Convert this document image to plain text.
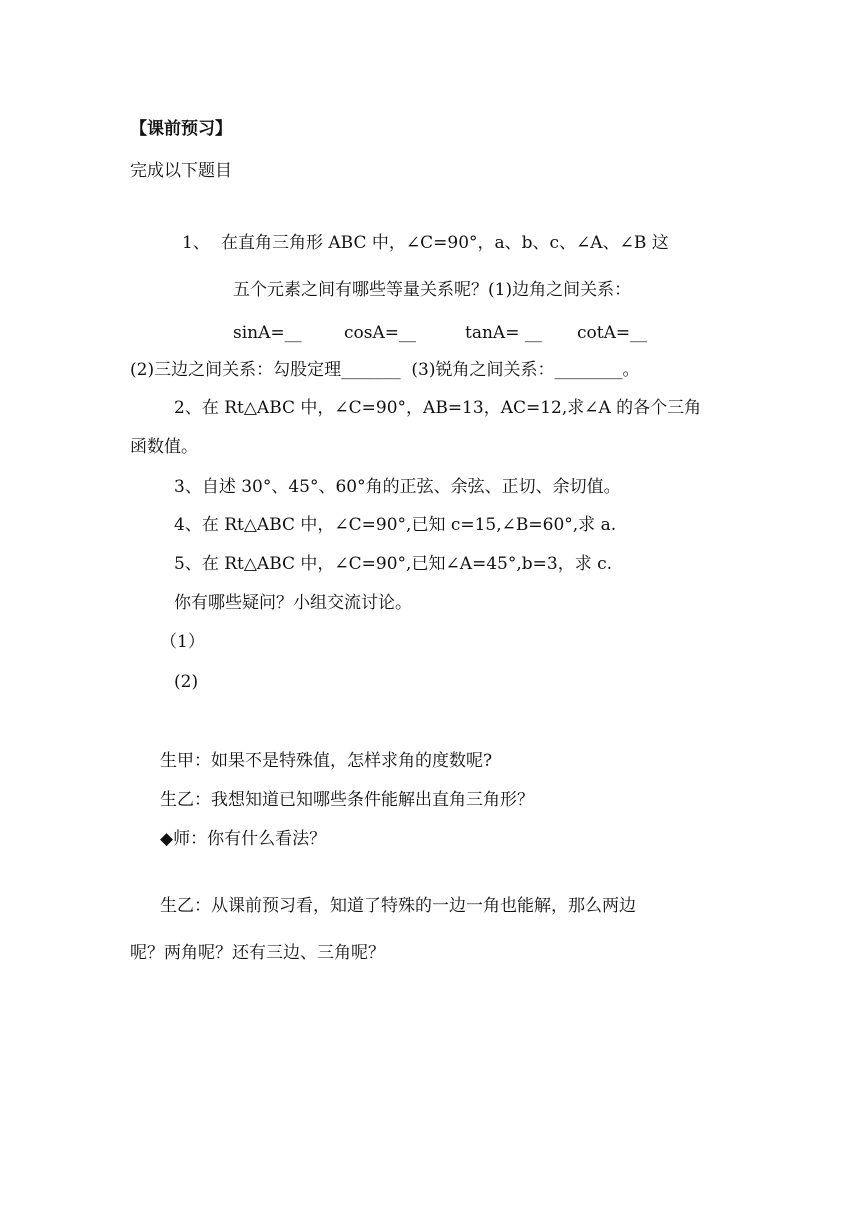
【课前预习】
完成以下题目
1、 在直角三角形 ABC 中，∠C=90°，a、b、c、∠A、∠B 这
五个元素之间有哪些等量关系呢？(1)边角之间关系：
sinA=__ cosA=__	tanA= __ cotA=__
(2)三边之间关系：勾股定理_______  (3)锐角之间关系：________。
2、在 Rt△ABC 中，∠C=90°，AB=13，AC=12,求∠A 的各个三角
函数值。
3、自述 30°、45°、60°角的正弦、余弦、正切、余切值。
4、在 Rt△ABC 中，∠C=90°,已知 c=15,∠B=60°,求 a.
5、在 Rt△ABC 中，∠C=90°,已知∠A=45°,b=3，求 c.
你有哪些疑问？小组交流讨论。
（1）
(2)
生甲：如果不是特殊值，怎样求角的度数呢?
生乙：我想知道已知哪些条件能解出直角三角形？
◆师：你有什么看法？
生乙：从课前预习看，知道了特殊的一边一角也能解，那么两边
呢？两角呢？还有三边、三角呢？
